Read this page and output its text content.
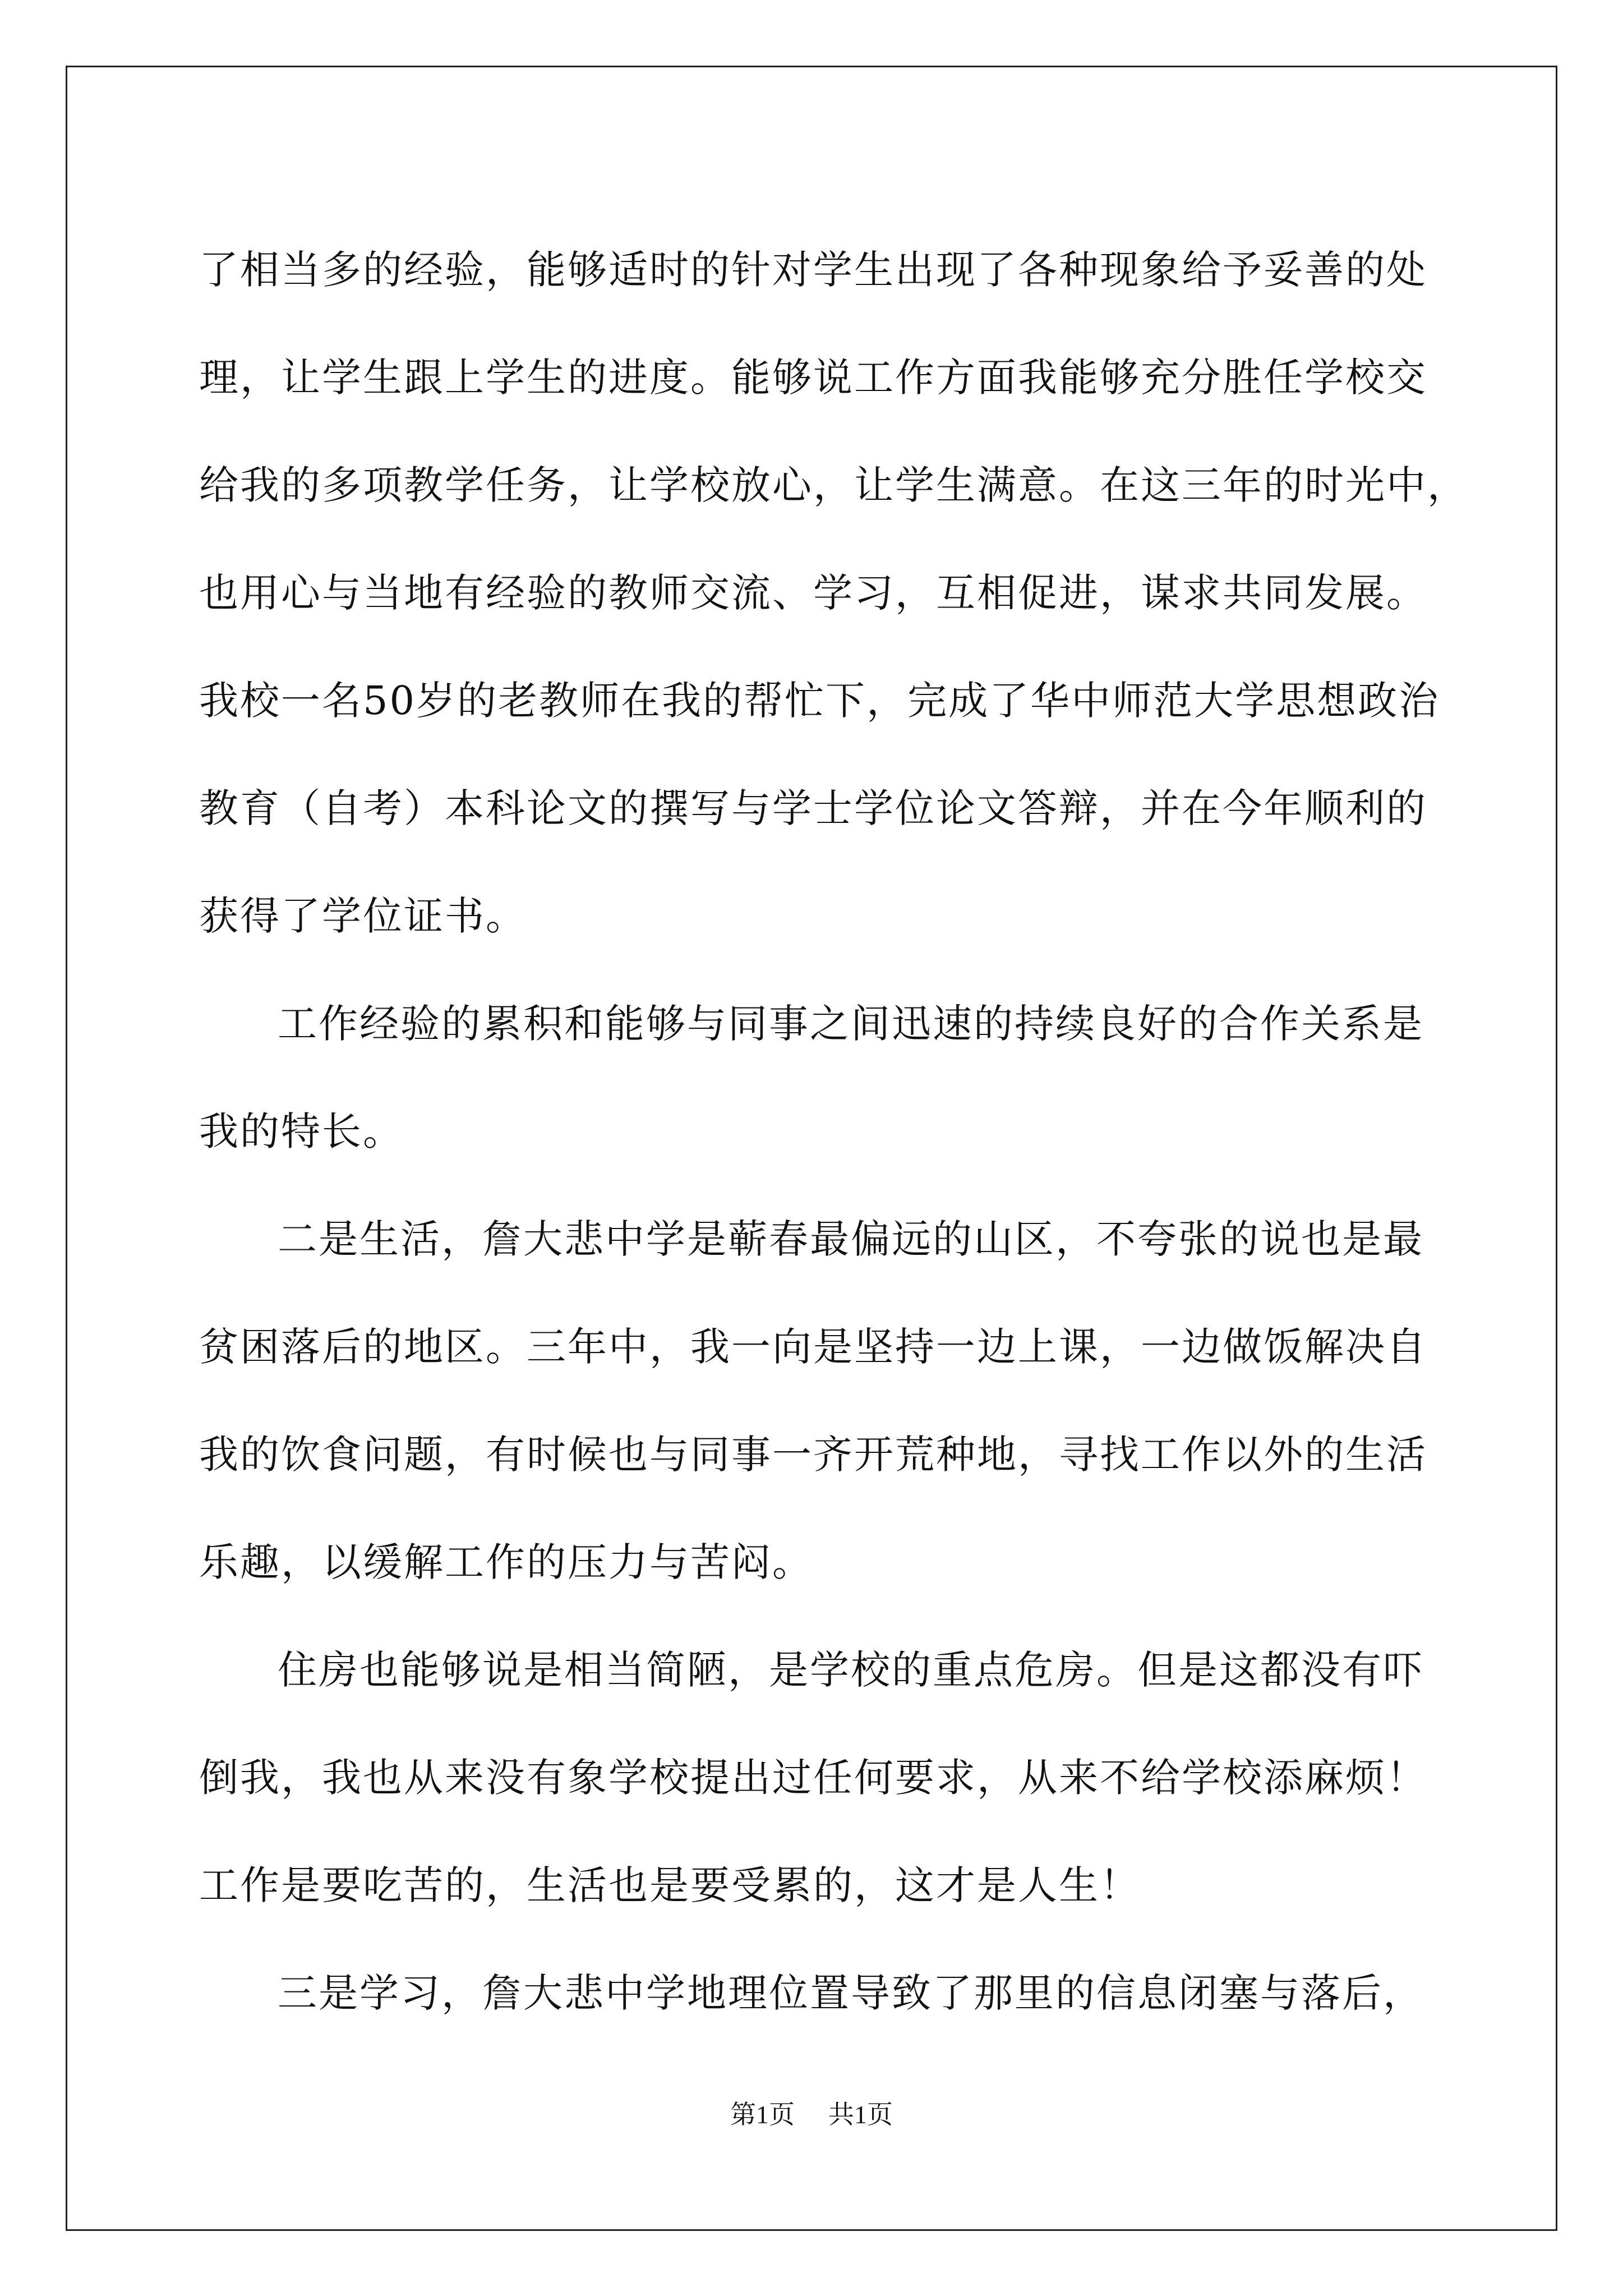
了相当多的经验，能够适时的针对学生出现了各种现象给予妥善的处
理，让学生跟上学生的进度。能够说工作方面我能够充分胜任学校交
给我的多项教学任务，让学校放心，让学生满意。在这三年的时光中，
也用心与当地有经验的教师交流、学习，互相促进，谋求共同发展。
我校一名50岁的老教师在我的帮忙下，完成了华中师范大学思想政治
教育（自考）本科论文的撰写与学士学位论文答辩，并在今年顺利的
获得了学位证书。
工作经验的累积和能够与同事之间迅速的持续良好的合作关系是
我的特长。
二是生活，詹大悲中学是蕲春最偏远的山区，不夸张的说也是最
贫困落后的地区。三年中，我一向是坚持一边上课，一边做饭解决自
我的饮食问题，有时候也与同事一齐开荒种地，寻找工作以外的生活
乐趣，以缓解工作的压力与苦闷。
住房也能够说是相当简陋，是学校的重点危房。但是这都没有吓
倒我，我也从来没有象学校提出过任何要求，从来不给学校添麻烦！
工作是要吃苦的，生活也是要受累的，这才是人生！
三是学习，詹大悲中学地理位置导致了那里的信息闭塞与落后，
第1页 共1页
